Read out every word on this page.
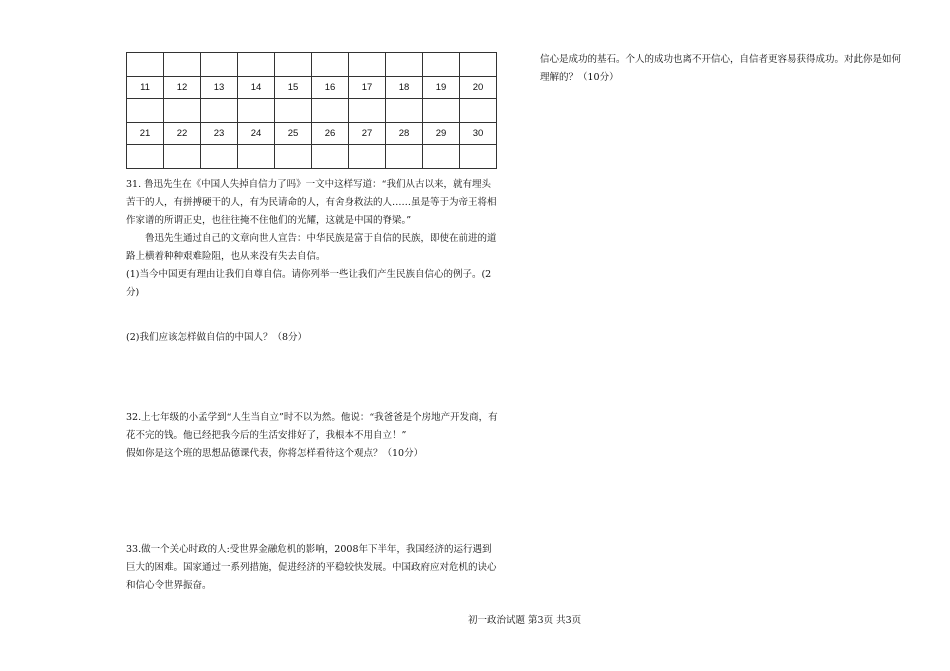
11	12	13	14	15	16	17	18	19	20

21	22	23	24	25	26	27	28	29	30

31. 鲁迅先生在《中国人失掉自信力了吗》一文中这样写道：“我们从古以来，就有埋头苦干的人，有拼搏硬干的人，有为民请命的人，有舍身救法的人……虽是等于为帝王将相作家谱的所谓正史，也往往掩不住他们的光耀，这就是中国的脊梁。”

鲁迅先生通过自己的文章向世人宣告：中华民族是富于自信的民族，即使在前进的道路上横着种种艰难险阻，也从来没有失去自信。

(1)当今中国更有理由让我们自尊自信。请你列举一些让我们产生民族自信心的例子。(2分)

(2)我们应该怎样做自信的中国人？（8分）

32.上七年级的小孟学到“人生当自立”时不以为然。他说：“我爸爸是个房地产开发商，有花不完的钱。他已经把我今后的生活安排好了，我根本不用自立！”

假如你是这个班的思想品德课代表，你将怎样看待这个观点？（10分）

33.做一个关心时政的人:受世界金融危机的影响，2008年下半年，我国经济的运行遇到巨大的困难。国家通过一系列措施，促进经济的平稳较快发展。中国政府应对危机的诀心和信心令世界振奋。

信心是成功的基石。个人的成功也离不开信心，自信者更容易获得成功。对此你是如何理解的？（10分）

初一政治试题 第3页 共3页
